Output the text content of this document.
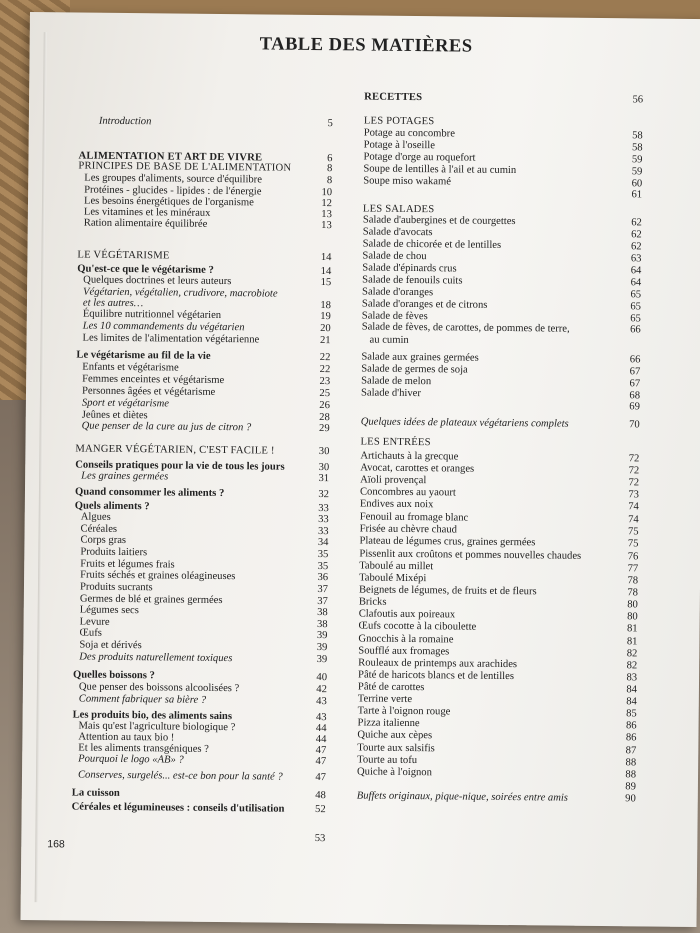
TABLE DES MATIÈRES
Introduction	5
ALIMENTATION ET ART DE VIVRE	6
PRINCIPES DE BASE DE L'ALIMENTATION	8
Les groupes d'aliments, source d'équilibre	8
Protéines - glucides - lipides : de l'énergie	10
Les besoins énergétiques de l'organisme	12
Les vitamines et les minéraux	13
Ration alimentaire équilibrée	13
LE VÉGÉTARISME	14
Qu'est-ce que le végétarisme ?	14
Quelques doctrines et leurs auteurs	15
Végétarien, végétalien, crudivore, macrobiote
et les autres…	18
Équilibre nutritionnel végétarien	19
Les 10 commandements du végétarien	20
Les limites de l'alimentation végétarienne	21
Le végétarisme au fil de la vie	22
Enfants et végétarisme	22
Femmes enceintes et végétarisme	23
Personnes âgées et végétarisme	25
Sport et végétarisme	26
Jeûnes et diètes	28
Que penser de la cure au jus de citron ?	29
MANGER VÉGÉTARIEN, C'EST FACILE !	30
Conseils pratiques pour la vie de tous les jours	30
Les graines germées	31
Quand consommer les aliments ?	32
Quels aliments ?	33
Algues	33
Céréales	33
Corps gras	34
Produits laitiers	35
Fruits et légumes frais	35
Fruits séchés et graines oléagineuses	36
Produits sucrants	37
Germes de blé et graines germées	37
Légumes secs	38
Levure	38
Œufs	39
Soja et dérivés	39
Des produits naturellement toxiques	39
Quelles boissons ?	40
Que penser des boissons alcoolisées ?	42
Comment fabriquer sa bière ?	43
Les produits bio, des aliments sains	43
Mais qu'est l'agriculture biologique ?	44
Attention au taux bio !	44
Et les aliments transgéniques ?	47
Pourquoi le logo «AB» ?	47
Conserves, surgelés... est-ce bon pour la santé ?	47
La cuisson	48
Céréales et légumineuses : conseils d'utilisation	52
53
RECETTES	56
LES POTAGES
Potage au concombre	58
Potage à l'oseille	58
Potage d'orge au roquefort	59
Soupe de lentilles à l'ail et au cumin	59
Soupe miso wakamé	60
61
LES SALADES
Salade d'aubergines et de courgettes	62
Salade d'avocats	62
Salade de chicorée et de lentilles	62
Salade de chou	63
Salade d'épinards crus	64
Salade de fenouils cuits	64
Salade d'oranges	65
Salade d'oranges et de citrons	65
Salade de fèves	65
Salade de fèves, de carottes, de pommes de terre,	66
au cumin
Salade aux graines germées	66
Salade de germes de soja	67
Salade de melon	67
Salade d'hiver	68
69
Quelques idées de plateaux végétariens complets	70
LES ENTRÉES
Artichauts à la grecque	72
Avocat, carottes et oranges	72
Aïoli provençal	72
Concombres au yaourt	73
Endives aux noix	74
Fenouil au fromage blanc	74
Frisée au chèvre chaud	75
Plateau de légumes crus, graines germées	75
Pissenlit aux croûtons et pommes nouvelles chaudes	76
Taboulé au millet	77
Taboulé Mixépi	78
Beignets de légumes, de fruits et de fleurs	78
Bricks	80
Clafoutis aux poireaux	80
Œufs cocotte à la ciboulette	81
Gnocchis à la romaine	81
Soufflé aux fromages	82
Rouleaux de printemps aux arachides	82
Pâté de haricots blancs et de lentilles	83
Pâté de carottes	84
Terrine verte	84
Tarte à l'oignon rouge	85
Pizza italienne	86
Quiche aux cèpes	86
Tourte aux salsifis	87
Tourte au tofu	88
Quiche à l'oignon	88
89
Buffets originaux, pique-nique, soirées entre amis	90
168
